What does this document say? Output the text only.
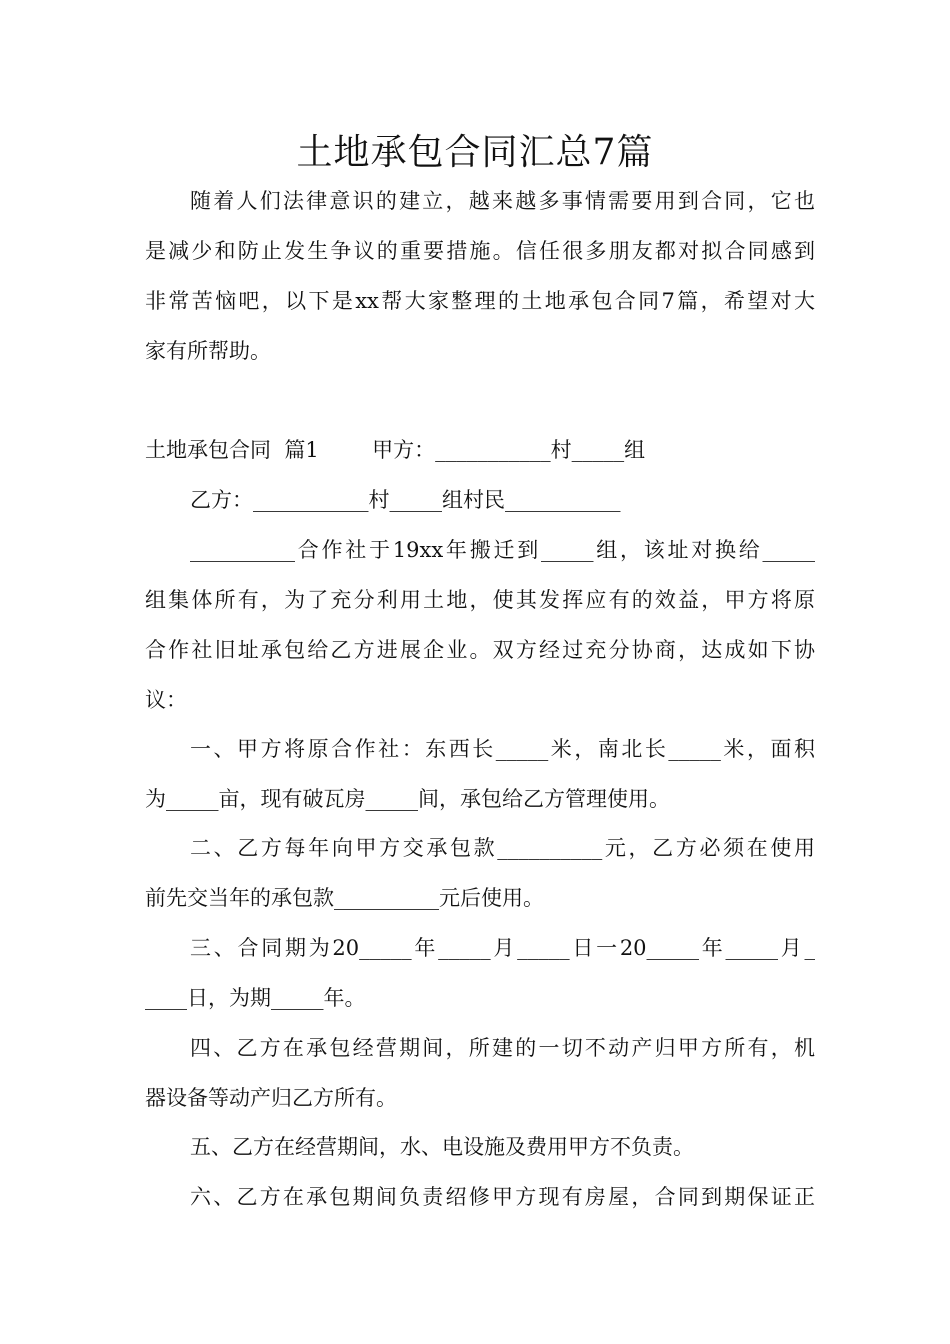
土地承包合同汇总7篇
随着人们法律意识的建立，越来越多事情需要用到合同，它也
是减少和防止发生争议的重要措施。信任很多朋友都对拟合同感到
非常苦恼吧，以下是xx帮大家整理的土地承包合同7篇，希望对大
家有所帮助。
土地承包合同  篇1        甲方：___________村_____组
乙方：___________村_____组村民___________
__________合作社于19xx年搬迁到_____组，该址对换给_____
组集体所有，为了充分利用土地，使其发挥应有的效益，甲方将原
合作社旧址承包给乙方进展企业。双方经过充分协商，达成如下协
议：
一、甲方将原合作社：东西长_____米，南北长_____米，面积
为_____亩，现有破瓦房_____间，承包给乙方管理使用。
二、乙方每年向甲方交承包款__________元，乙方必须在使用
前先交当年的承包款__________元后使用。
三、合同期为20_____年_____月_____日一20_____年_____月_
____日，为期_____年。
四、乙方在承包经营期间，所建的一切不动产归甲方所有，机
器设备等动产归乙方所有。
五、乙方在经营期间，水、电设施及费用甲方不负责。
六、乙方在承包期间负责绍修甲方现有房屋，合同到期保证正
